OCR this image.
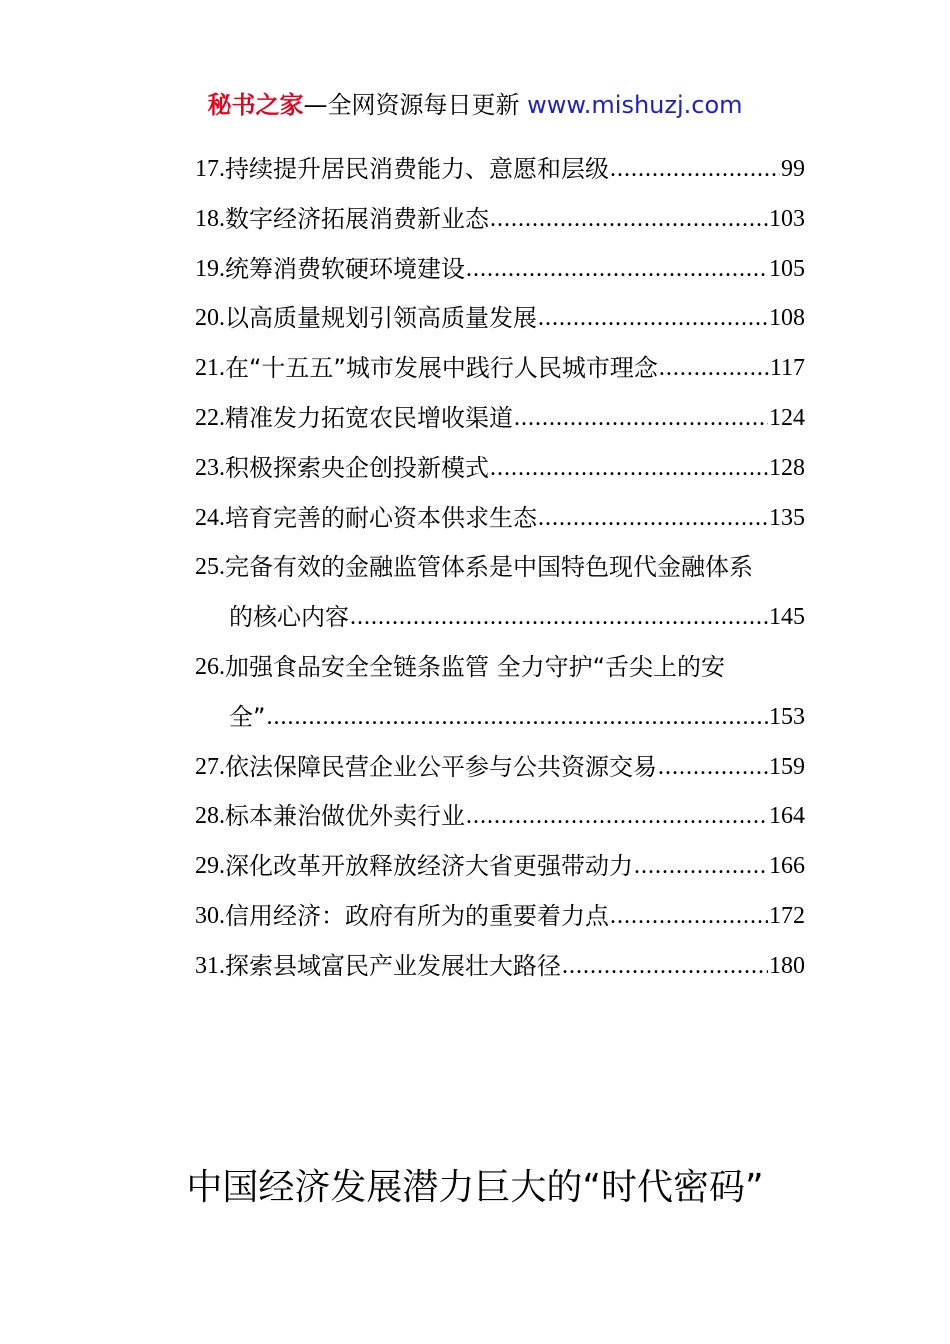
秘书之家—全网资源每日更新 www.mishuzj.com
17. 持续提升居民消费能力、意愿和层级 .....	99
18. 数字经济拓展消费新业态 .....	103
19. 统筹消费软硬环境建设 .....	105
20. 以高质量规划引领高质量发展 .....	108
21. 在“十五五”城市发展中践行人民城市理念 .....	117
22. 精准发力拓宽农民增收渠道 .....	124
23. 积极探索央企创投新模式 .....	128
24. 培育完善的耐心资本供求生态 .....	135
25. 完备有效的金融监管体系是中国特色现代金融体系
的核心内容 .....	145
26. 加强食品安全全链条监管 全力守护“舌尖上的安
全” .....	153
27. 依法保障民营企业公平参与公共资源交易 .....	159
28. 标本兼治做优外卖行业 .....	164
29. 深化改革开放释放经济大省更强带动力 .....	166
30. 信用经济：政府有所为的重要着力点 .....	172
31. 探索县域富民产业发展壮大路径 .....	180
中国经济发展潜力巨大的“时代密码”
